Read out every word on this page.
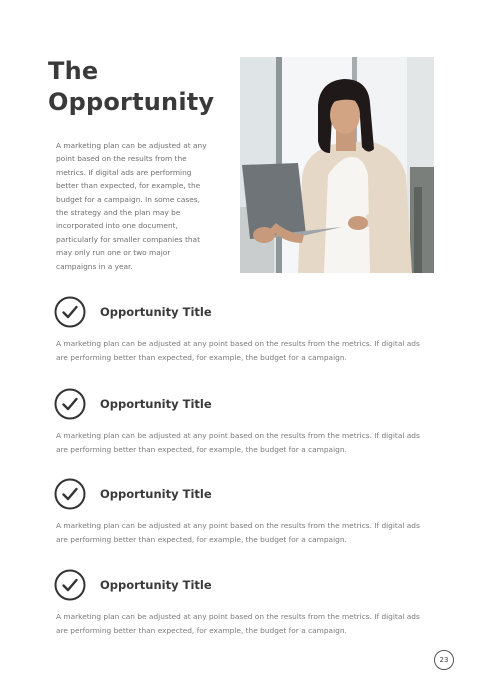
The
Opportunity

A marketing plan can be adjusted at any point based on the results from the metrics. If digital ads are performing better than expected, for example, the budget for a campaign. In some cases, the strategy and the plan may be incorporated into one document, particularly for smaller companies that may only run one or two major campaigns in a year.

Opportunity Title

A marketing plan can be adjusted at any point based on the results from the metrics. If digital ads are performing better than expected, for example, the budget for a campaign.

Opportunity Title

A marketing plan can be adjusted at any point based on the results from the metrics. If digital ads are performing better than expected, for example, the budget for a campaign.

Opportunity Title

A marketing plan can be adjusted at any point based on the results from the metrics. If digital ads are performing better than expected, for example, the budget for a campaign.

Opportunity Title

A marketing plan can be adjusted at any point based on the results from the metrics. If digital ads are performing better than expected, for example, the budget for a campaign.

23
